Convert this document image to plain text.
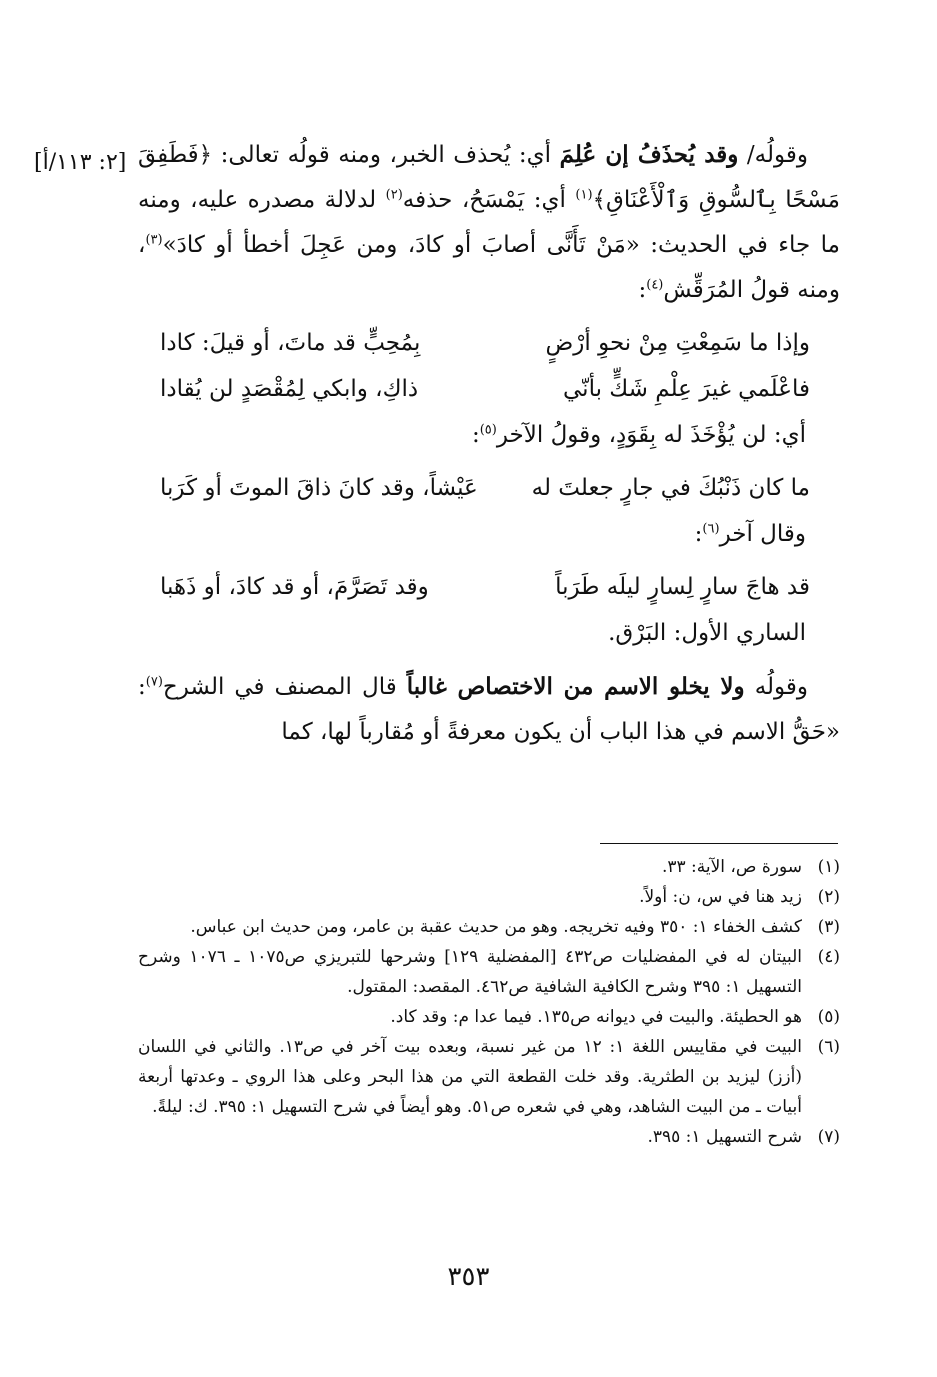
[٢: ١١٣/أ]	وقولُه/ وقد يُحذَفُ إن عُلِمَ أي: يُحذف الخبر، ومنه قولُه تعالى: ﴿فَطَفِقَ مَسْحًا بِٱلسُّوقِ وَٱلْأَعْنَاقِ﴾$^{(١)}$ أي: يَمْسَحُ، حذفه$^{(٢)}$ لدلالة مصدره عليه، ومنه ما جاء في الحديث: «مَنْ تَأَنَّى أصابَ أو كادَ، ومن عَجِلَ أخطأ أو كادَ»$^{(٣)}$، ومنه قولُ المُرَقِّش$^{(٤)}$:

وإذا ما سَمِعْتِ مِنْ نحوِ أرْضٍ
بِمُحِبٍّ قد ماتَ، أو قيلَ: كادا
فاعْلَمي غيرَ عِلْمِ شَكٍّ بأنّي
ذاكِ، وابكي لِمُقْصَدٍ لن يُقادا

أي: لن يُؤْخَذَ له بِقَوَدٍ، وقولُ الآخر$^{(٥)}$:

ما كان ذَنْبُكَ في جارٍ جعلتَ له
عَيْشاً، وقد كانَ ذاقَ الموتَ أو كَرَبا

وقال آخر$^{(٦)}$:

قد هاجَ سارٍ لِسارٍ ليلَه طَرَباً
وقد تَصَرَّمَ، أو قد كادَ، أو ذَهَبا

الساري الأول: البَرْق.

وقولُه ولا يخلو الاسم من الاختصاص غالباً قال المصنف في الشرح$^{(٧)}$: «حَقُّ الاسم في هذا الباب أن يكون معرفةً أو مُقارباً لها، كما

(١)
سورة ص، الآية: ٣٣.

(٢)
زيد هنا في س، ن: أولاً.

(٣)
كشف الخفاء ١: ٣٥٠ وفيه تخريجه. وهو من حديث عقبة بن عامر، ومن حديث ابن عباس.

(٤)
البيتان له في المفضليات ص٤٣٢ [المفضلية ١٢٩] وشرحها للتبريزي ص١٠٧٥ ـ ١٠٧٦ وشرح التسهيل ١: ٣٩٥ وشرح الكافية الشافية ص٤٦٢. المقصد: المقتول.

(٥)
هو الحطيئة. والبيت في ديوانه ص١٣٥. فيما عدا م: وقد كاد.

(٦)
البيت في مقاييس اللغة ١: ١٢ من غير نسبة، وبعده بيت آخر في ص١٣. والثاني في اللسان (أزز) ليزيد بن الطثرية. وقد خلت القطعة التي من هذا البحر وعلى هذا الروي ـ وعدتها أربعة أبيات ـ من البيت الشاهد، وهي في شعره ص٥١. وهو أيضاً في شرح التسهيل ١: ٣٩٥. ك: ليلةً.

(٧)
شرح التسهيل ١: ٣٩٥.

٣٥٣
